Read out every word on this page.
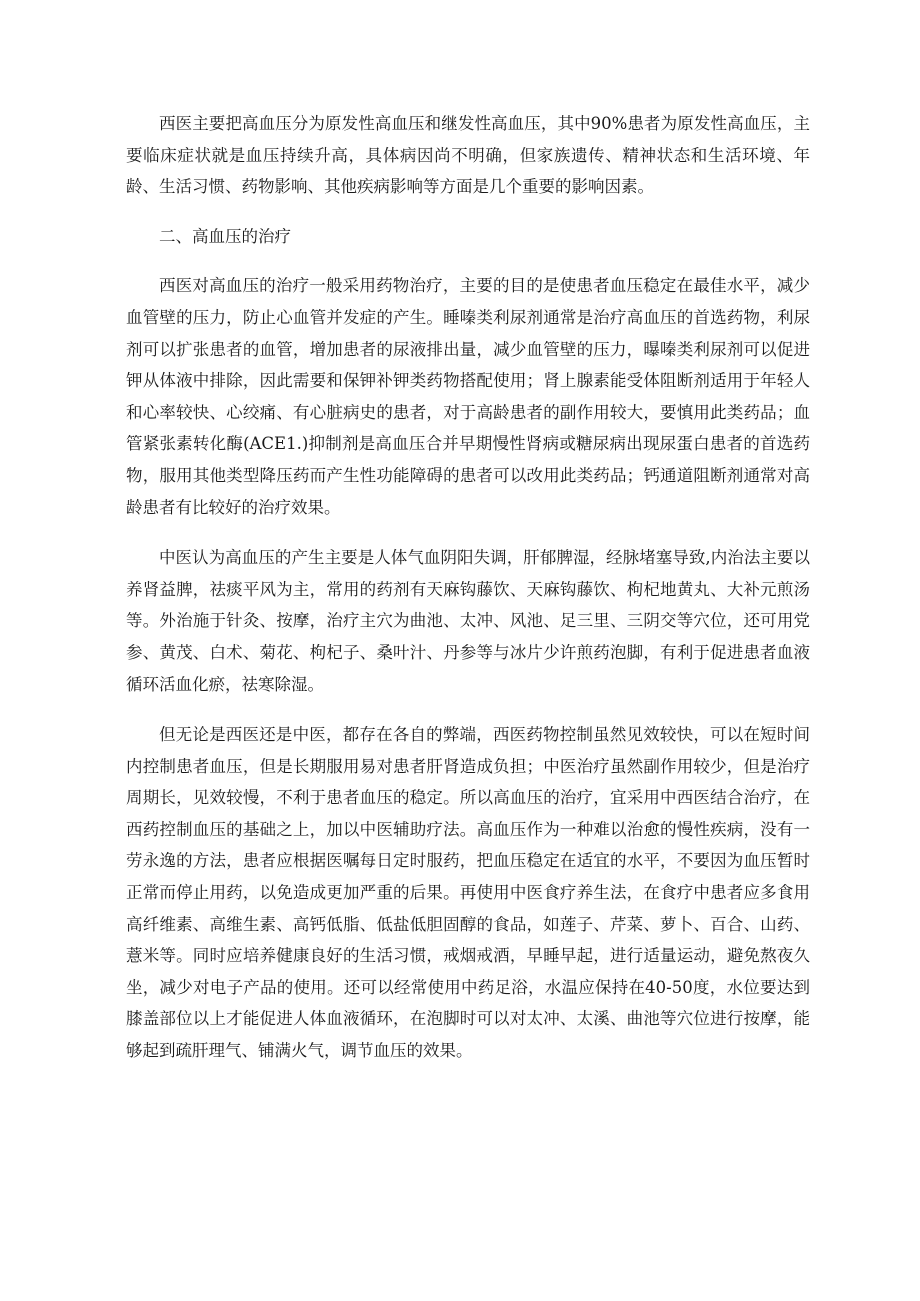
西医主要把高血压分为原发性高血压和继发性高血压，其中90%患者为原发性高血压，主要临床症状就是血压持续升高，具体病因尚不明确，但家族遗传、精神状态和生活环境、年龄、生活习惯、药物影响、其他疾病影响等方面是几个重要的影响因素。

二、高血压的治疗

西医对高血压的治疗一般采用药物治疗，主要的目的是使患者血压稳定在最佳水平，减少血管壁的压力，防止心血管并发症的产生。睡嗪类利尿剂通常是治疗高血压的首选药物，利尿剂可以扩张患者的血管，增加患者的尿液排出量，减少血管壁的压力，曝嗪类利尿剂可以促进钾从体液中排除，因此需要和保钾补钾类药物搭配使用；肾上腺素能受体阻断剂适用于年轻人和心率较快、心绞痛、有心脏病史的患者，对于高龄患者的副作用较大，要慎用此类药品；血管紧张素转化酶(ACE1.)抑制剂是高血压合并早期慢性肾病或糖尿病出现尿蛋白患者的首选药物，服用其他类型降压药而产生性功能障碍的患者可以改用此类药品；钙通道阻断剂通常对高龄患者有比较好的治疗效果。

中医认为高血压的产生主要是人体气血阴阳失调，肝郁脾湿，经脉堵塞导致,内治法主要以养肾益脾，祛痰平风为主，常用的药剂有天麻钩藤饮、天麻钩藤饮、枸杞地黄丸、大补元煎汤等。外治施于针灸、按摩，治疗主穴为曲池、太冲、风池、足三里、三阴交等穴位，还可用党参、黄茂、白术、菊花、枸杞子、桑叶汁、丹参等与冰片少许煎药泡脚，有利于促进患者血液循环活血化瘀，祛寒除湿。

但无论是西医还是中医，都存在各自的弊端，西医药物控制虽然见效较快，可以在短时间内控制患者血压，但是长期服用易对患者肝肾造成负担；中医治疗虽然副作用较少，但是治疗周期长，见效较慢，不利于患者血压的稳定。所以高血压的治疗，宜采用中西医结合治疗，在西药控制血压的基础之上，加以中医辅助疗法。高血压作为一种难以治愈的慢性疾病，没有一劳永逸的方法，患者应根据医嘱每日定时服药，把血压稳定在适宜的水平，不要因为血压暂时正常而停止用药，以免造成更加严重的后果。再使用中医食疗养生法，在食疗中患者应多食用高纤维素、高维生素、高钙低脂、低盐低胆固醇的食品，如莲子、芹菜、萝卜、百合、山药、薏米等。同时应培养健康良好的生活习惯，戒烟戒酒，早睡早起，进行适量运动，避免熬夜久坐，减少对电子产品的使用。还可以经常使用中药足浴，水温应保持在40-50度，水位要达到膝盖部位以上才能促进人体血液循环，在泡脚时可以对太冲、太溪、曲池等穴位进行按摩，能够起到疏肝理气、铺满火气，调节血压的效果。
